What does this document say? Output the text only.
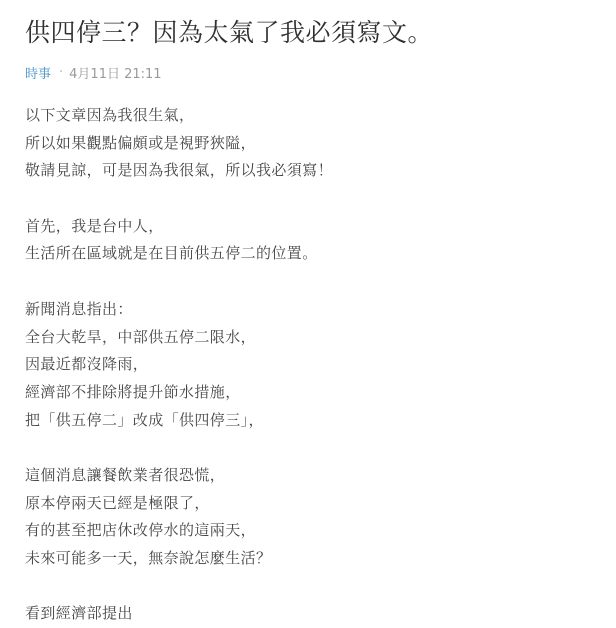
供四停三？因為太氣了我必須寫文。
時事 · 4月11日 21:11
以下文章因為我很生氣，
所以如果觀點偏頗或是視野狹隘，
敬請見諒，可是因為我很氣，所以我必須寫！
首先，我是台中人，
生活所在區域就是在目前供五停二的位置。
新聞消息指出：
全台大乾旱，中部供五停二限水，
因最近都沒降雨，
經濟部不排除將提升節水措施，
把「供五停二」改成「供四停三」，
這個消息讓餐飲業者很恐慌，
原本停兩天已經是極限了，
有的甚至把店休改停水的這兩天，
未來可能多一天，無奈說怎麼生活？
看到經濟部提出
